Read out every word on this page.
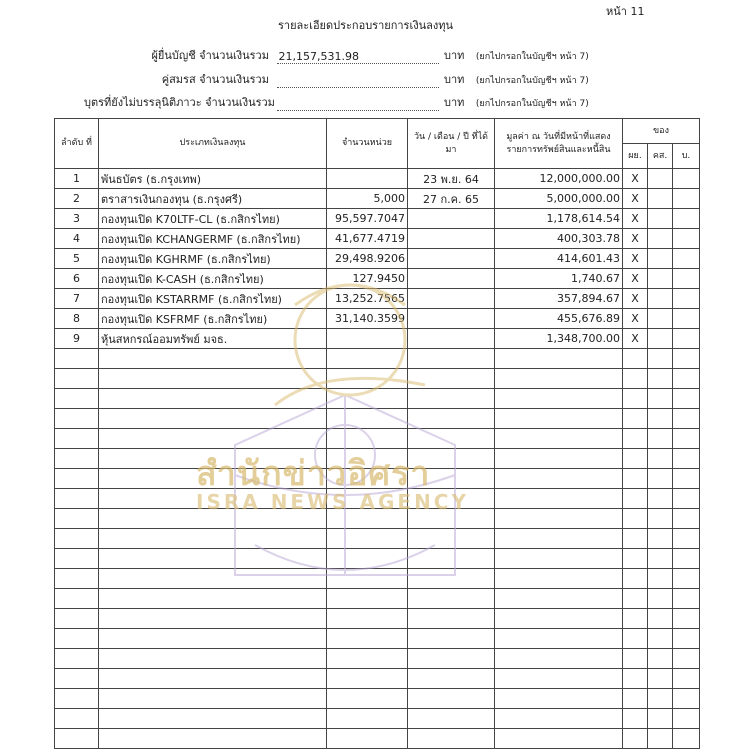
หน้า 11
รายละเอียดประกอบรายการเงินลงทุน
ผู้ยื่นบัญชี จำนวนเงินรวม 21,157,531.98	บาท (ยกไปกรอกในบัญชีฯ หน้า 7)
คู่สมรส จำนวนเงินรวม	บาท (ยกไปกรอกในบัญชีฯ หน้า 7)
บุตรที่ยังไม่บรรลุนิติภาวะ จำนวนเงินรวม	บาท (ยกไปกรอกในบัญชีฯ หน้า 7)
ลำดับ ที่	ประเภทเงินลงทุน	จำนวนหน่วย	วัน / เดือน / ปี ที่ได้มา	มูลค่า ณ วันที่มีหน้าที่แสดง รายการทรัพย์สินและหนี้สิน	ของ		
					ผย.	คส.	บ.
1	พันธบัตร (ธ.กรุงเทพ)		23 พ.ย. 64	12,000,000.00	X		
2	ตราสารเงินกองทุน (ธ.กรุงศรี)	5,000	27 ก.ค. 65	5,000,000.00	X		
3	กองทุนเปิด K70LTF-CL (ธ.กสิกรไทย)	95,597.7047		1,178,614.54	X		
4	กองทุนเปิด KCHANGERMF (ธ.กสิกรไทย)	41,677.4719		400,303.78	X		
5	กองทุนเปิด KGHRMF (ธ.กสิกรไทย)	29,498.9206		414,601.43	X		
6	กองทุนเปิด K-CASH (ธ.กสิกรไทย)	127.9450		1,740.67	X		
7	กองทุนเปิด KSTARRMF (ธ.กสิกรไทย)	13,252.7565		357,894.67	X		
8	กองทุนเปิด KSFRMF (ธ.กสิกรไทย)	31,140.3599		455,676.89	X		
9	หุ้นสหกรณ์ออมทรัพย์ มจธ.			1,348,700.00	X		

สำนักข่าวอิศรา
ISRA NEWS AGENCY
